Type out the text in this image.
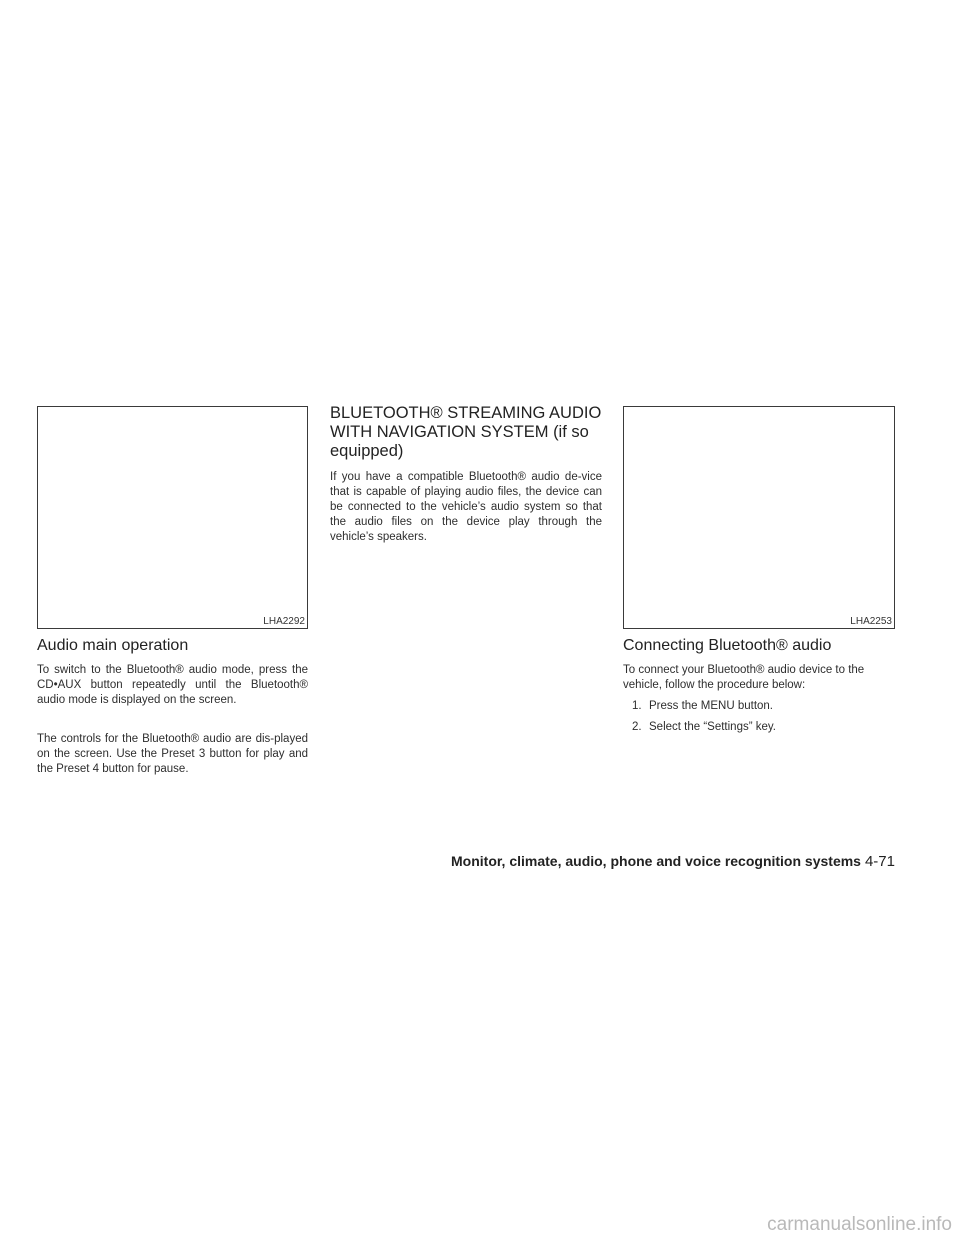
LHA2292
Audio main operation

To switch to the Bluetooth® audio mode, press the CD•AUX button repeatedly until the Bluetooth® audio mode is displayed on the screen.

The controls for the Bluetooth® audio are dis-played on the screen. Use the Preset 3 button for play and the Preset 4 button for pause.

BLUETOOTH® STREAMING AUDIO
WITH NAVIGATION SYSTEM (if so
equipped)

If you have a compatible Bluetooth® audio de-vice that is capable of playing audio files, the device can be connected to the vehicle’s audio system so that the audio files on the device play through the vehicle’s speakers.

LHA2253
Connecting Bluetooth® audio

To connect your Bluetooth® audio device to the vehicle, follow the procedure below:

1. Press the MENU button.
2. Select the “Settings” key.
Monitor, climate, audio, phone and voice recognition systems 4-71
carmanualsonline.info
